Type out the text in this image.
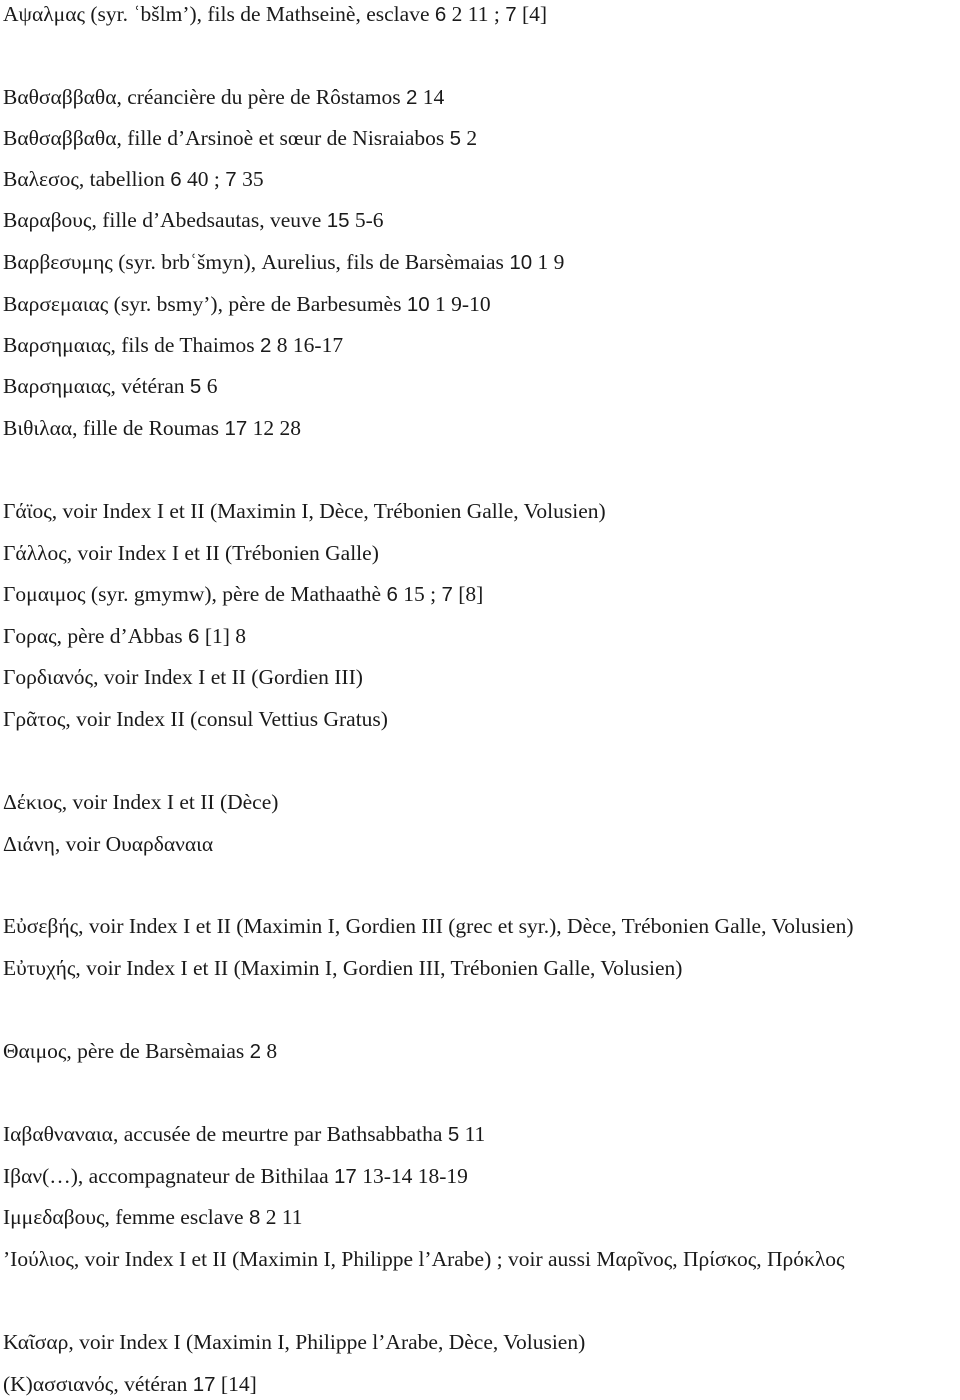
Αψαλμας (syr. ʿbšlm’), fils de Mathseinè, esclave 6 2 11 ; 7 [4]

Βαθσαββαθα, créancière du père de Rôstamos 2 14

Βαθσαββαθα, fille d’Arsinoè et sœur de Nisraiabos 5 2

Βαλεσος, tabellion 6 40 ; 7 35

Βαραβους, fille d’Abedsautas, veuve 15 5-6

Βαρβεσυμης (syr. brbʿšmyn), Aurelius, fils de Barsèmaias 10 1 9

Βαρσεμαιας (syr. bsmy’), père de Barbesumès 10 1 9-10

Βαρσημαιας, fils de Thaimos 2 8 16-17

Βαρσημαιας, vétéran 5 6

Βιθιλαα, fille de Roumas 17 12 28

Γάϊος, voir Index I et II (Maximin I, Dèce, Trébonien Galle, Volusien)

Γάλλος, voir Index I et II (Trébonien Galle)

Γομαιμος (syr. gmymw), père de Mathaathè 6 15 ; 7 [8]

Γορας, père d’Abbas 6 [1] 8

Γορδιανός, voir Index I et II (Gordien III)

Γρᾶτος, voir Index II (consul Vettius Gratus)

Δέκιος, voir Index I et II (Dèce)

Διάνη, voir Ουαρδαναια

Εὐσεβής, voir Index I et II (Maximin I, Gordien III (grec et syr.), Dèce, Trébonien Galle, Volusien)

Εὐτυχής, voir Index I et II (Maximin I, Gordien III, Trébonien Galle, Volusien)

Θαιμος, père de Barsèmaias 2 8

Ιαβαθναναια, accusée de meurtre par Bathsabbatha 5 11

Ιβαν(…), accompagnateur de Bithilaa 17 13-14 18-19

Ιμμεδαβους, femme esclave 8 2 11

’Ιούλιος, voir Index I et II (Maximin I, Philippe l’Arabe) ; voir aussi Μαρῖνος, Πρίσκος, Πρόκλος

Καῖσαρ, voir Index I (Maximin I, Philippe l’Arabe, Dèce, Volusien)

(Κ)ασσιανός, vétéran 17 [14]
